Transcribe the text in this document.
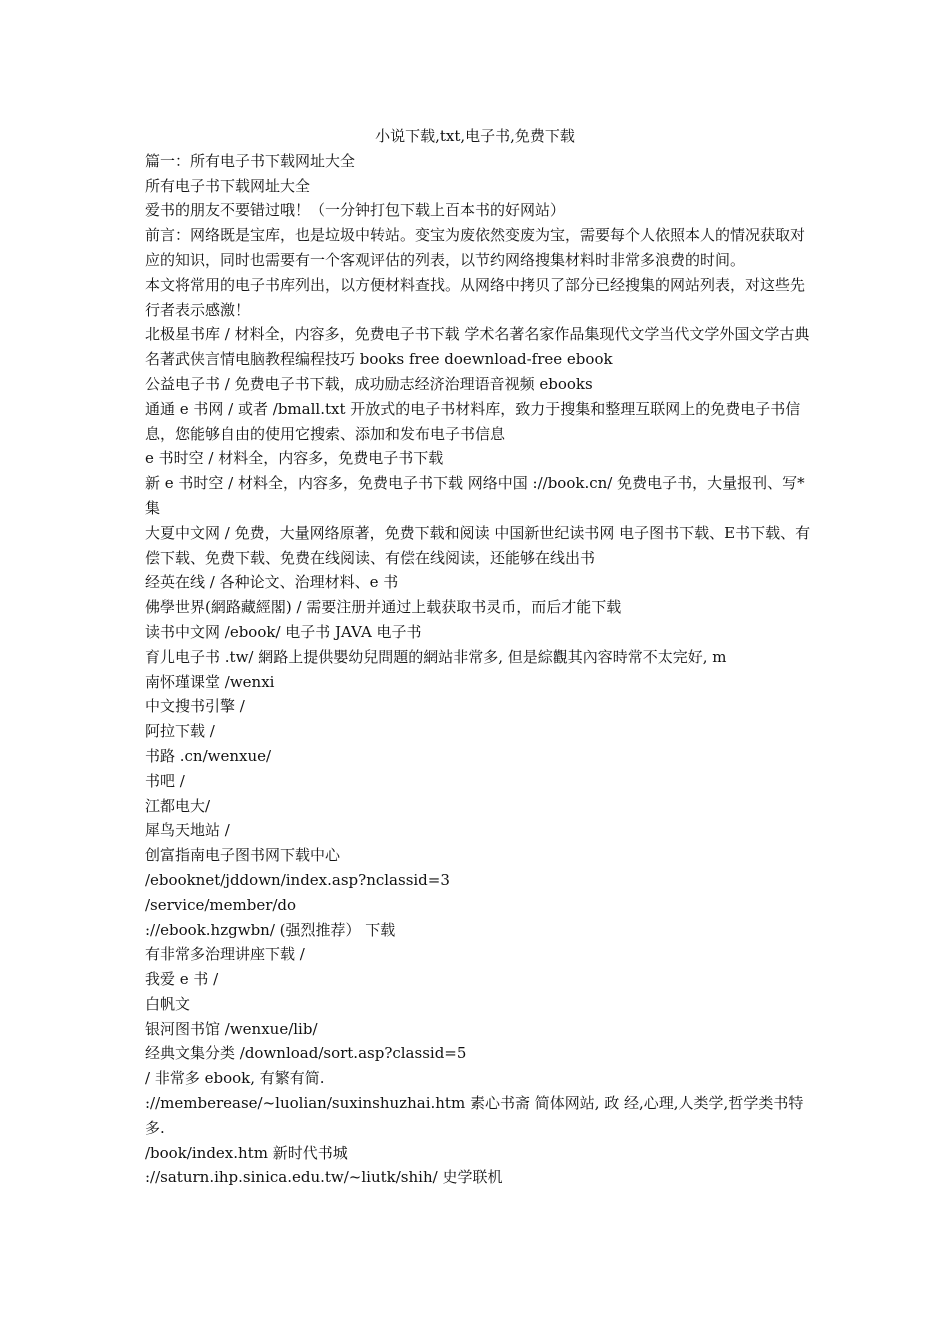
小说下载,txt,电子书,免费下载

篇一：所有电子书下载网址大全

所有电子书下载网址大全

爱书的朋友不要错过哦！（一分钟打包下载上百本书的好网站）

前言：网络既是宝库，也是垃圾中转站。变宝为废依然变废为宝，需要每个人依照本人的情况获取对应的知识，同时也需要有一个客观评估的列表，以节约网络搜集材料时非常多浪费的时间。

本文将常用的电子书库列出，以方便材料查找。从网络中拷贝了部分已经搜集的网站列表，对这些先行者表示感激！

北极星书库 / 材料全，内容多，免费电子书下载 学术名著名家作品集现代文学当代文学外国文学古典名著武侠言情电脑教程编程技巧 books free doewnload-free ebook

公益电子书 / 免费电子书下载，成功励志经济治理语音视频 ebooks

通通 e 书网 / 或者 /bmall.txt 开放式的电子书材料库，致力于搜集和整理互联网上的免费电子书信息，您能够自由的使用它搜索、添加和发布电子书信息

e 书时空 / 材料全，内容多，免费电子书下载

新 e 书时空 / 材料全，内容多，免费电子书下载 网络中国 ://book.cn/ 免费电子书，大量报刊、写*集

大夏中文网 / 免费，大量网络原著，免费下载和阅读 中国新世纪读书网 电子图书下载、E书下载、有偿下载、免费下载、免费在线阅读、有偿在线阅读，还能够在线出书

经英在线 / 各种论文、治理材料、e 书

佛學世界(網路藏經閣) / 需要注册并通过上载获取书灵币，而后才能下载

读书中文网 /ebook/ 电子书 JAVA 电子书

育儿电子书 .tw/ 網路上提供嬰幼兒問題的網站非常多, 但是綜觀其內容時常不太完好, m

南怀瑾课堂 /wenxi

中文搜书引擎 /

阿拉下载 /

书路 .cn/wenxue/

书吧 /

江都电大/

犀鸟天地站 /

创富指南电子图书网下载中心

/ebooknet/jddown/index.asp?nclassid=3

/service/member/do

://ebook.hzgwbn/ (强烈推荐） 下载

有非常多治理讲座下载 /

我爱 e 书 /

白帆文

银河图书馆 /wenxue/lib/

经典文集分类 /download/sort.asp?classid=5

/ 非常多 ebook, 有繁有简.

://memberease/~luolian/suxinshuzhai.htm 素心书斋 简体网站, 政 经,心理,人类学,哲学类书特多.

/book/index.htm 新时代书城

://saturn.ihp.sinica.edu.tw/~liutk/shih/ 史学联机
